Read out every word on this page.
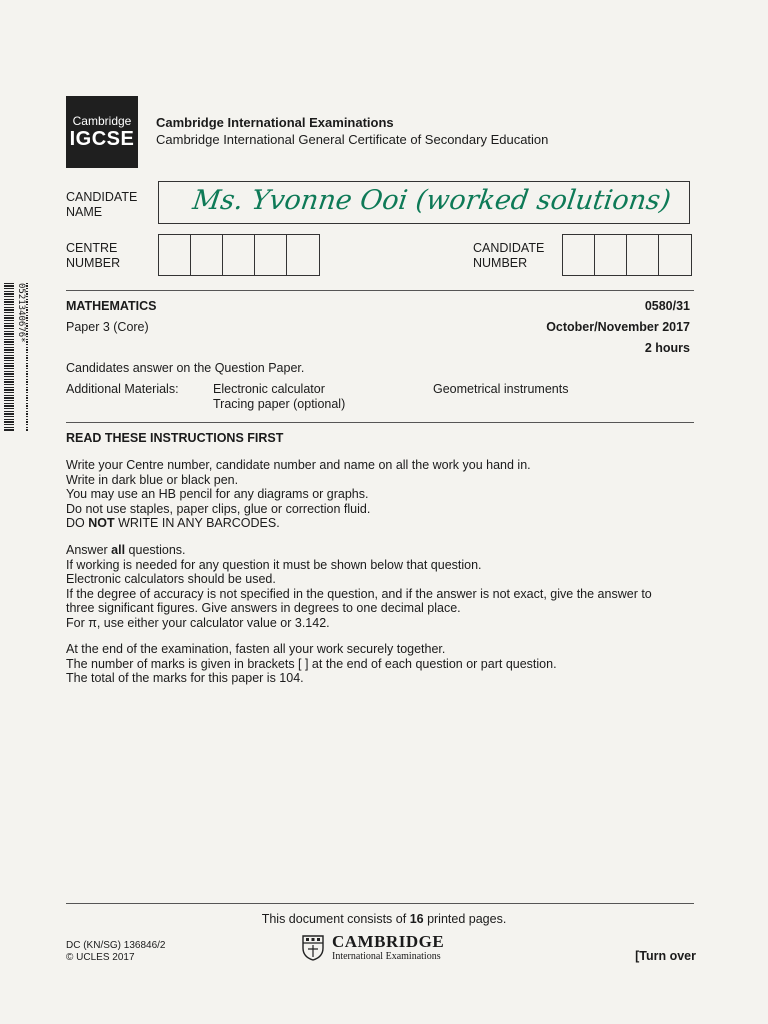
0521340676*
Cambridge
IGCSE
Cambridge International Examinations
Cambridge International General Certificate of Secondary Education
CANDIDATE
NAME	Ms. Yvonne Ooi (worked solutions)
CENTRE
NUMBER
CANDIDATE
NUMBER
MATHEMATICS
Paper 3 (Core)
0580/31
October/November 2017
2 hours
Candidates answer on the Question Paper.
Additional Materials:	Electronic calculator
Tracing paper (optional)
Geometrical instruments
READ THESE INSTRUCTIONS FIRST
Write your Centre number, candidate number and name on all the work you hand in.
Write in dark blue or black pen.
You may use an HB pencil for any diagrams or graphs.
Do not use staples, paper clips, glue or correction fluid.
DO NOT WRITE IN ANY BARCODES.
Answer all questions.
If working is needed for any question it must be shown below that question.
Electronic calculators should be used.
If the degree of accuracy is not specified in the question, and if the answer is not exact, give the answer to
three significant figures. Give answers in degrees to one decimal place.
For π, use either your calculator value or 3.142.
At the end of the examination, fasten all your work securely together.
The number of marks is given in brackets [ ] at the end of each question or part question.
The total of the marks for this paper is 104.
This document consists of 16 printed pages.
DC (KN/SG) 136846/2
© UCLES 2017
CAMBRIDGE
International Examinations	[Turn over
